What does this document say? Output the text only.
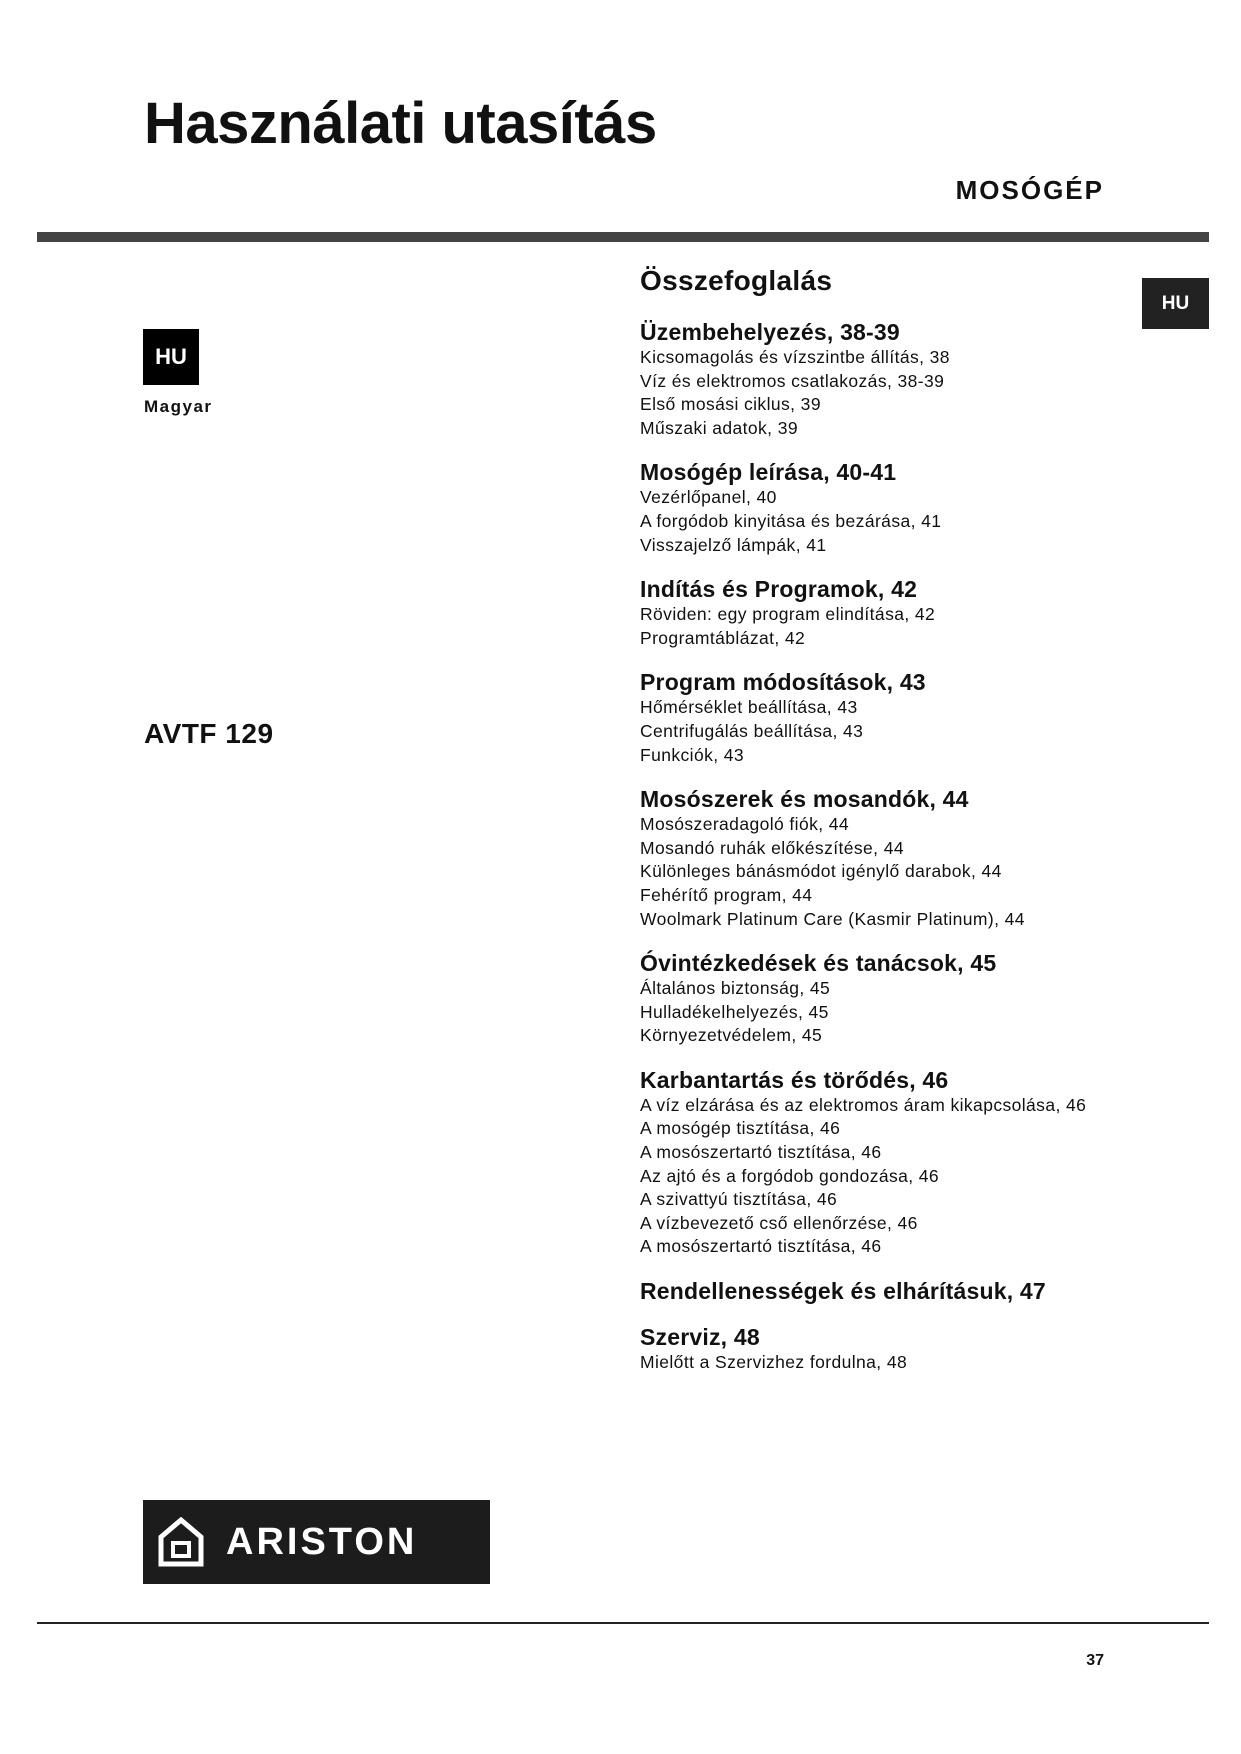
Használati utasítás
MOSÓGÉP
HU
Magyar
HU
AVTF 129
Összefoglalás
Üzembehelyezés, 38-39
Kicsomagolás és vízszintbe állítás, 38
Víz és elektromos csatlakozás, 38-39
Első mosási ciklus, 39
Műszaki adatok, 39
Mosógép leírása, 40-41
Vezérlőpanel, 40
A forgódob kinyitása és bezárása, 41
Visszajelző lámpák, 41
Indítás és Programok, 42
Röviden: egy program elindítása, 42
Programtáblázat, 42
Program módosítások, 43
Hőmérséklet beállítása, 43
Centrifugálás beállítása, 43
Funkciók, 43
Mosószerek és mosandók, 44
Mosószeradagoló fiók, 44
Mosandó ruhák előkészítése, 44
Különleges bánásmódot igénylő darabok, 44
Fehérítő program, 44
Woolmark Platinum Care (Kasmir Platinum), 44
Óvintézkedések és tanácsok, 45
Általános biztonság, 45
Hulladékelhelyezés, 45
Környezetvédelem, 45
Karbantartás és törődés, 46
A víz elzárása és az elektromos áram kikapcsolása, 46
A mosógép tisztítása, 46
A mosószertartó tisztítása, 46
Az ajtó és a forgódob gondozása, 46
A szivattyú tisztítása, 46
A vízbevezető cső ellenőrzése, 46
A mosószertartó tisztítása, 46
Rendellenességek és elhárításuk, 47
Szerviz, 48
Mielőtt a Szervizhez fordulna, 48
ARISTON
37
